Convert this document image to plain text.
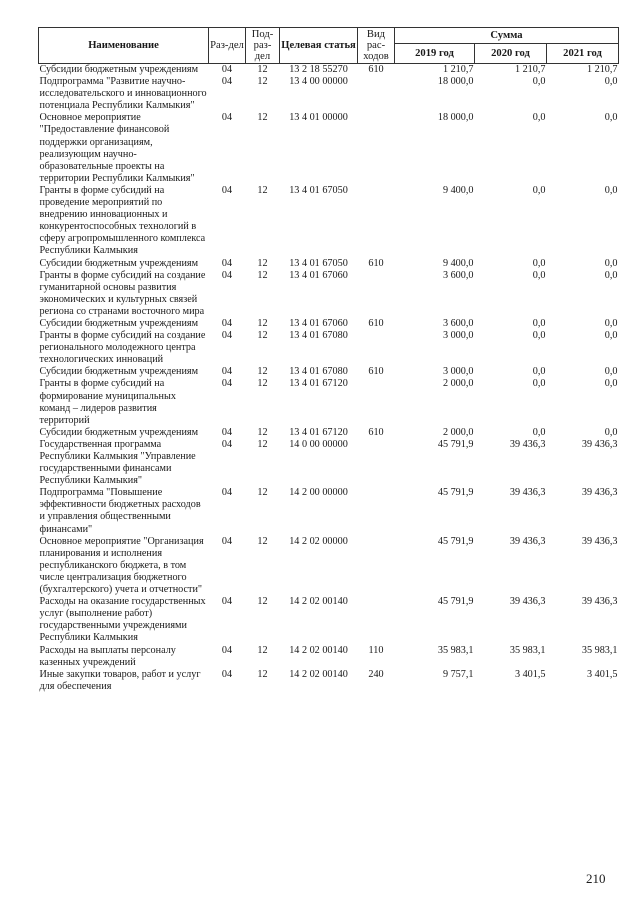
Наименование	Раз-дел	Под-раз-дел	Целевая статья	Вид рас-ходов	Сумма		
					2019 год	2020 год	2021 год
Субсидии бюджетным учреждениям	04	12	13 2 18 55270	610	1 210,7	1 210,7	1 210,7
Подпрограмма "Развитие научно-исследовательского и инновационного потенциала Республики Калмыкия"	04	12	13 4 00 00000		18 000,0	0,0	0,0
Основное мероприятие "Предоставление финансовой поддержки организациям, реализующим научно-образовательные проекты на территории Республики Калмыкия"	04	12	13 4 01 00000		18 000,0	0,0	0,0
Гранты в форме субсидий на проведение мероприятий по внедрению инновационных и конкурентоспособных технологий в сферу агропромышленного комплекса Республики Калмыкия	04	12	13 4 01 67050		9 400,0	0,0	0,0
Субсидии бюджетным учреждениям	04	12	13 4 01 67050	610	9 400,0	0,0	0,0
Гранты в форме субсидий на создание гуманитарной основы развития экономических и культурных связей региона со странами восточного мира	04	12	13 4 01 67060		3 600,0	0,0	0,0
Субсидии бюджетным учреждениям	04	12	13 4 01 67060	610	3 600,0	0,0	0,0
Гранты в форме субсидий на создание регионального молодежного центра технологических инноваций	04	12	13 4 01 67080		3 000,0	0,0	0,0
Субсидии бюджетным учреждениям	04	12	13 4 01 67080	610	3 000,0	0,0	0,0
Гранты в форме субсидий на формирование муниципальных команд – лидеров развития территорий	04	12	13 4 01 67120		2 000,0	0,0	0,0
Субсидии бюджетным учреждениям	04	12	13 4 01 67120	610	2 000,0	0,0	0,0
Государственная программа Республики Калмыкия "Управление государственными финансами Республики Калмыкия"	04	12	14 0 00 00000		45 791,9	39 436,3	39 436,3
Подпрограмма "Повышение эффективности бюджетных расходов и управления общественными финансами"	04	12	14 2 00 00000		45 791,9	39 436,3	39 436,3
Основное мероприятие "Организация планирования и исполнения республиканского бюджета, в том числе централизация бюджетного (бухгалтерского) учета и отчетности"	04	12	14 2 02 00000		45 791,9	39 436,3	39 436,3
Расходы на оказание государственных услуг (выполнение работ) государственными учреждениями Республики Калмыкия	04	12	14 2 02 00140		45 791,9	39 436,3	39 436,3
Расходы на выплаты персоналу казенных учреждений	04	12	14 2 02 00140	110	35 983,1	35 983,1	35 983,1
Иные закупки товаров, работ и услуг для обеспечения	04	12	14 2 02 00140	240	9 757,1	3 401,5	3 401,5
210
